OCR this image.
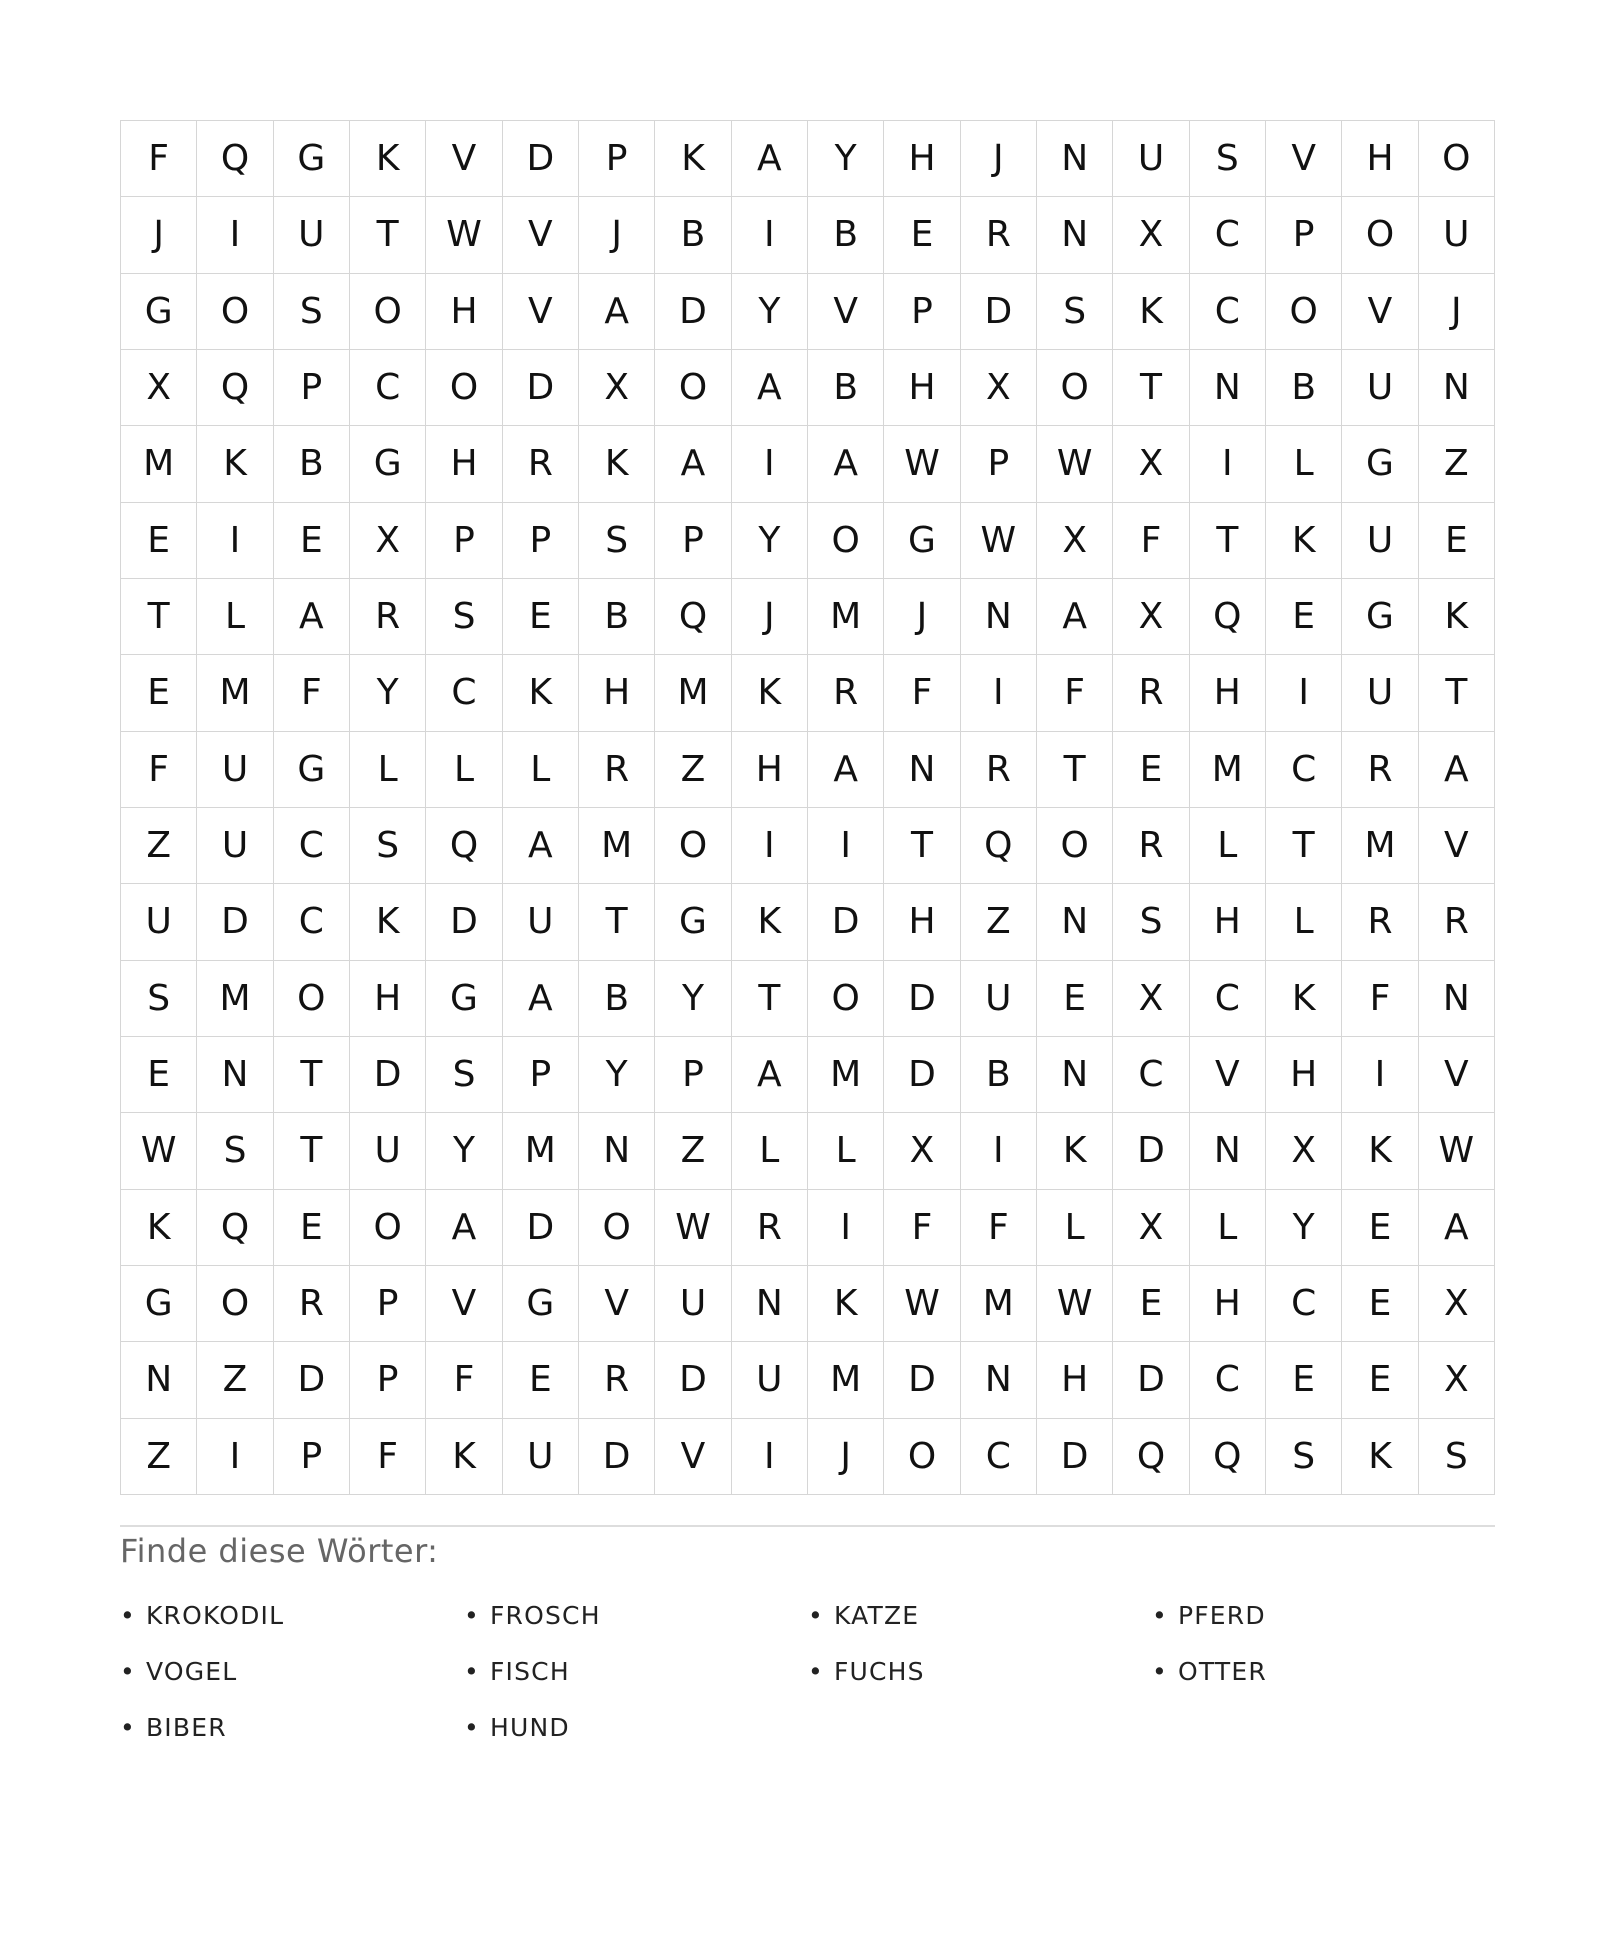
F	Q	G	K	V	D	P	K	A	Y	H	J	N	U	S	V	H	O
J	I	U	T	W	V	J	B	I	B	E	R	N	X	C	P	O	U
G	O	S	O	H	V	A	D	Y	V	P	D	S	K	C	O	V	J
X	Q	P	C	O	D	X	O	A	B	H	X	O	T	N	B	U	N
M	K	B	G	H	R	K	A	I	A	W	P	W	X	I	L	G	Z
E	I	E	X	P	P	S	P	Y	O	G	W	X	F	T	K	U	E
T	L	A	R	S	E	B	Q	J	M	J	N	A	X	Q	E	G	K
E	M	F	Y	C	K	H	M	K	R	F	I	F	R	H	I	U	T
F	U	G	L	L	L	R	Z	H	A	N	R	T	E	M	C	R	A
Z	U	C	S	Q	A	M	O	I	I	T	Q	O	R	L	T	M	V
U	D	C	K	D	U	T	G	K	D	H	Z	N	S	H	L	R	R
S	M	O	H	G	A	B	Y	T	O	D	U	E	X	C	K	F	N
E	N	T	D	S	P	Y	P	A	M	D	B	N	C	V	H	I	V
W	S	T	U	Y	M	N	Z	L	L	X	I	K	D	N	X	K	W
K	Q	E	O	A	D	O	W	R	I	F	F	L	X	L	Y	E	A
G	O	R	P	V	G	V	U	N	K	W	M	W	E	H	C	E	X
N	Z	D	P	F	E	R	D	U	M	D	N	H	D	C	E	E	X
Z	I	P	F	K	U	D	V	I	J	O	C	D	Q	Q	S	K	S
Finde diese Wörter:
• KROKODIL	• FROSCH	• KATZE	• PFERD
• VOGEL	• FISCH	• FUCHS	• OTTER
• BIBER	• HUND
